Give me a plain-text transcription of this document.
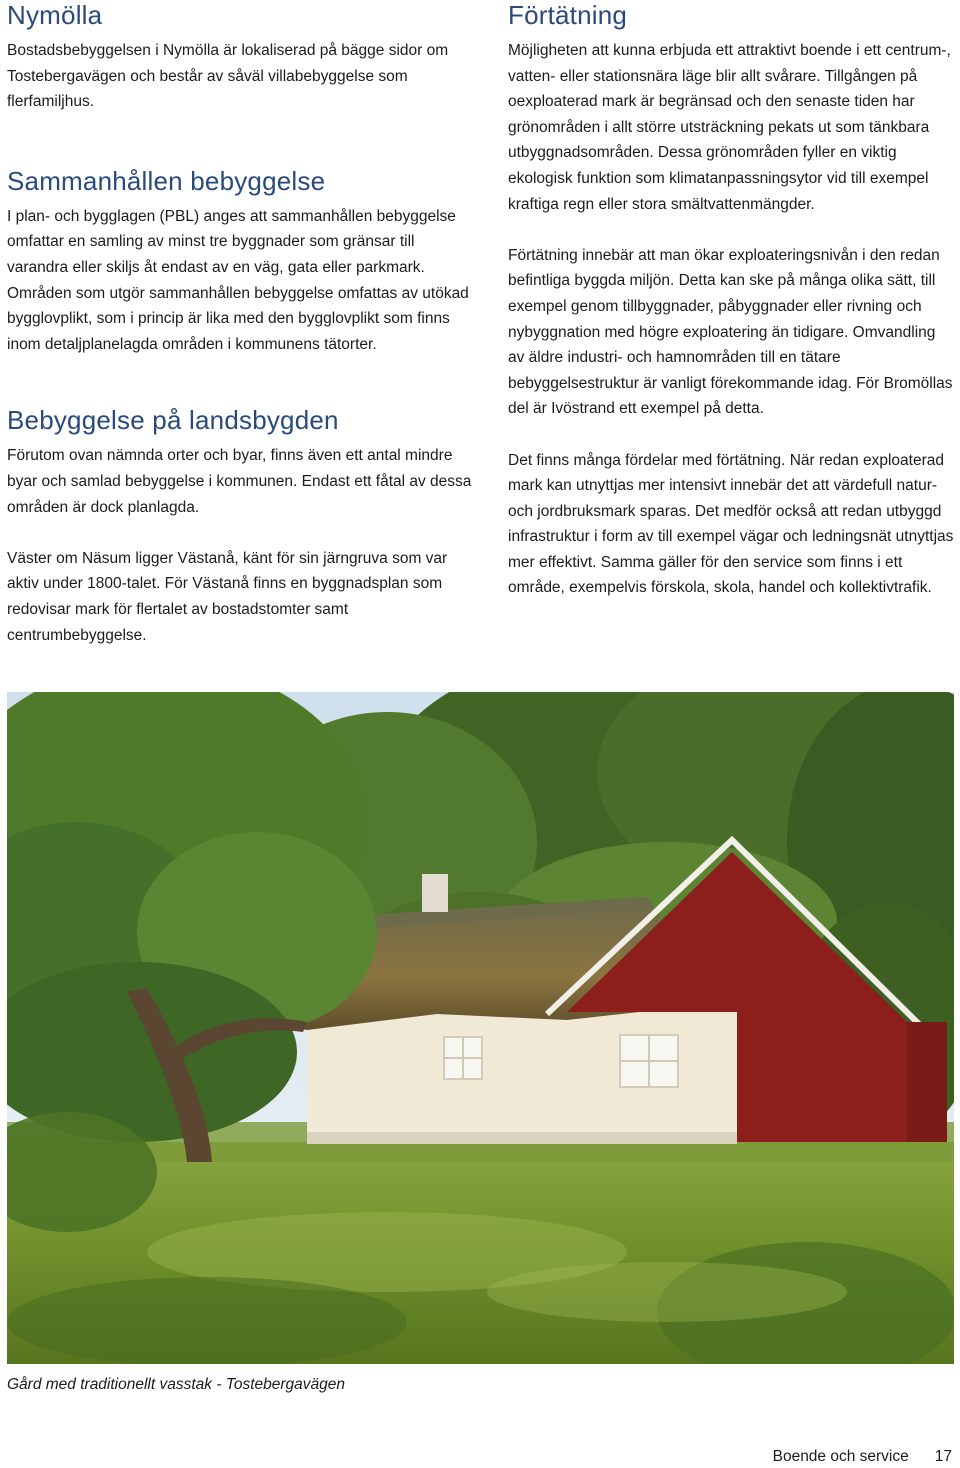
Nymölla

Bostadsbebyggelsen i Nymölla är lokaliserad på bägge sidor om Tostebergavägen och består av såväl villabebyggelse som flerfamiljhus.

Sammanhållen bebyggelse

I plan- och bygglagen (PBL) anges att sammanhållen bebyggelse omfattar en samling av minst tre byggnader som gränsar till varandra eller skiljs åt endast av en väg, gata eller parkmark. Områden som utgör sammanhållen bebyggelse omfattas av utökad bygglovplikt, som i princip är lika med den bygglovplikt som finns inom detaljplanelagda områden i kommunens tätorter.

Bebyggelse på landsbygden

Förutom ovan nämnda orter och byar, finns även ett antal mindre byar och samlad bebyggelse i kommunen. Endast ett fåtal av dessa områden är dock planlagda.

Väster om Näsum ligger Västanå, känt för sin järngruva som var aktiv under 1800-talet. För Västanå finns en byggnadsplan som redovisar mark för flertalet av bostadstomter samt centrumbebyggelse.

Förtätning

Möjligheten att kunna erbjuda ett attraktivt boende i ett centrum-, vatten- eller stationsnära läge blir allt svårare. Tillgången på oexploaterad mark är begränsad och den senaste tiden har grönområden i allt större utsträckning pekats ut som tänkbara utbyggnadsområden. Dessa grönområden fyller en viktig ekologisk funktion som klimatanpassningsytor vid till exempel kraftiga regn eller stora smältvattenmängder.

Förtätning innebär att man ökar exploateringsnivån i den redan befintliga byggda miljön. Detta kan ske på många olika sätt, till exempel genom tillbyggnader, påbyggnader eller rivning och nybyggnation med högre exploatering än tidigare. Omvandling av äldre industri- och hamnområden till en tätare bebyggelsestruktur är vanligt förekommande idag. För Bromöllas del är Ivöstrand ett exempel på detta.

Det finns många fördelar med förtätning. När redan exploaterad mark kan utnyttjas mer intensivt innebär det att värdefull natur- och jordbruksmark sparas. Det medför också att redan utbyggd infrastruktur i form av till exempel vägar och ledningsnät utnyttjas mer effektivt. Samma gäller för den service som finns i ett område, exempelvis förskola, skola, handel och kollektivtrafik.

Gård med traditionellt vasstak - Tostebergavägen
Boende och service 17
